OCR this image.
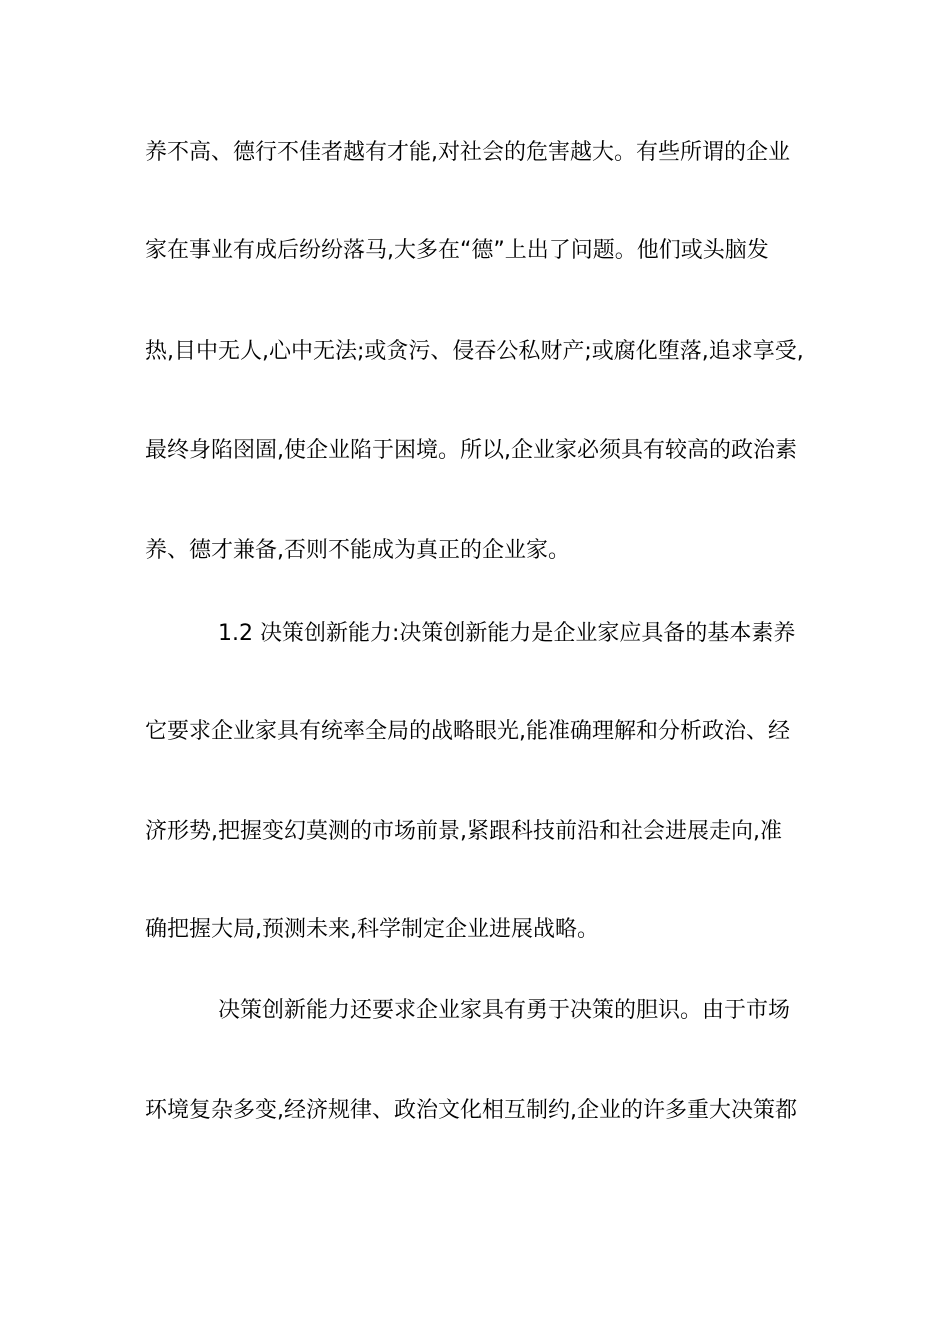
养不高、德行不佳者越有才能,对社会的危害越大。有些所谓的企业
家在事业有成后纷纷落马,大多在“德”上出了问题。他们或头脑发
热,目中无人,心中无法;或贪污、侵吞公私财产;或腐化堕落,追求享受,
最终身陷囹圄,使企业陷于困境。所以,企业家必须具有较高的政治素
养、德才兼备,否则不能成为真正的企业家。
1.2 决策创新能力:决策创新能力是企业家应具备的基本素养
它要求企业家具有统率全局的战略眼光,能准确理解和分析政治、经
济形势,把握变幻莫测的市场前景,紧跟科技前沿和社会进展走向,准
确把握大局,预测未来,科学制定企业进展战略。
决策创新能力还要求企业家具有勇于决策的胆识。由于市场
环境复杂多变,经济规律、政治文化相互制约,企业的许多重大决策都
